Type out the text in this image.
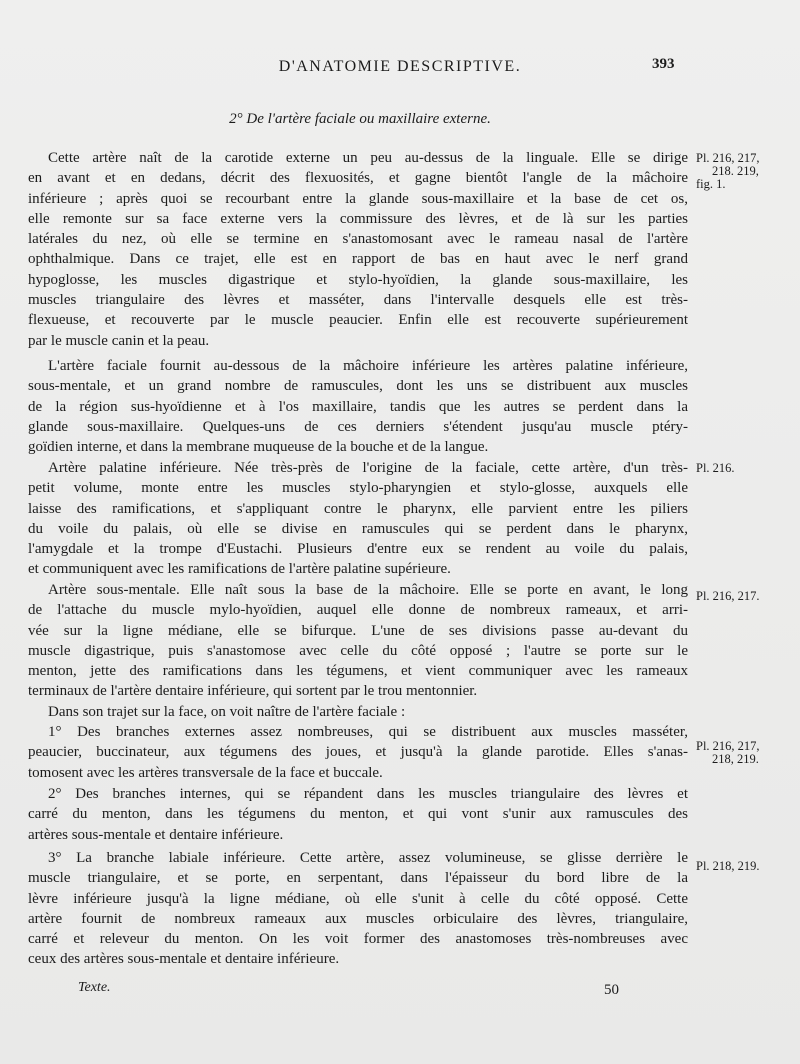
D'ANATOMIE DESCRIPTIVE.	393
2° De l'artère faciale ou maxillaire externe.
Cette artère naît de la carotide externe un peu au-dessus de la linguale. Elle se dirige
en avant et en dedans, décrit des flexuosités, et gagne bientôt l'angle de la mâchoire
inférieure ; après quoi se recourbant entre la glande sous-maxillaire et la base de cet os,
elle remonte sur sa face externe vers la commissure des lèvres, et de là sur les parties
latérales du nez, où elle se termine en s'anastomosant avec le rameau nasal de l'artère
ophthalmique. Dans ce trajet, elle est en rapport de bas en haut avec le nerf grand
hypoglosse, les muscles digastrique et stylo-hyoïdien, la glande sous-maxillaire, les
muscles triangulaire des lèvres et masséter, dans l'intervalle desquels elle est très-
flexueuse, et recouverte par le muscle peaucier. Enfin elle est recouverte supérieurement
par le muscle canin et la peau.
L'artère faciale fournit au-dessous de la mâchoire inférieure les artères palatine inférieure,
sous-mentale, et un grand nombre de ramuscules, dont les uns se distribuent aux muscles
de la région sus-hyoïdienne et à l'os maxillaire, tandis que les autres se perdent dans la
glande sous-maxillaire. Quelques-uns de ces derniers s'étendent jusqu'au muscle ptéry-
goïdien interne, et dans la membrane muqueuse de la bouche et de la langue.
Artère palatine inférieure. Née très-près de l'origine de la faciale, cette artère, d'un très-
petit volume, monte entre les muscles stylo-pharyngien et stylo-glosse, auxquels elle
laisse des ramifications, et s'appliquant contre le pharynx, elle parvient entre les piliers
du voile du palais, où elle se divise en ramuscules qui se perdent dans le pharynx,
l'amygdale et la trompe d'Eustachi. Plusieurs d'entre eux se rendent au voile du palais,
et communiquent avec les ramifications de l'artère palatine supérieure.
Artère sous-mentale. Elle naît sous la base de la mâchoire. Elle se porte en avant, le long
de l'attache du muscle mylo-hyoïdien, auquel elle donne de nombreux rameaux, et arri-
vée sur la ligne médiane, elle se bifurque. L'une de ses divisions passe au-devant du
muscle digastrique, puis s'anastomose avec celle du côté opposé ; l'autre se porte sur le
menton, jette des ramifications dans les tégumens, et vient communiquer avec les rameaux
terminaux de l'artère dentaire inférieure, qui sortent par le trou mentonnier.
Dans son trajet sur la face, on voit naître de l'artère faciale :
1° Des branches externes assez nombreuses, qui se distribuent aux muscles masséter,
peaucier, buccinateur, aux tégumens des joues, et jusqu'à la glande parotide. Elles s'anas-
tomosent avec les artères transversale de la face et buccale.
2° Des branches internes, qui se répandent dans les muscles triangulaire des lèvres et
carré du menton, dans les tégumens du menton, et qui vont s'unir aux ramuscules des
artères sous-mentale et dentaire inférieure.
3° La branche labiale inférieure. Cette artère, assez volumineuse, se glisse derrière le
muscle triangulaire, et se porte, en serpentant, dans l'épaisseur du bord libre de la
lèvre inférieure jusqu'à la ligne médiane, où elle s'unit à celle du côté opposé. Cette
artère fournit de nombreux rameaux aux muscles orbiculaire des lèvres, triangulaire,
carré et releveur du menton. On les voit former des anastomoses très-nombreuses avec
ceux des artères sous-mentale et dentaire inférieure.
Pl. 216, 217,
218. 219,
fig. 1.
Pl. 216.
Pl. 216, 217.
Pl. 216, 217,
218, 219.
Pl. 218, 219.
Texte.	50
